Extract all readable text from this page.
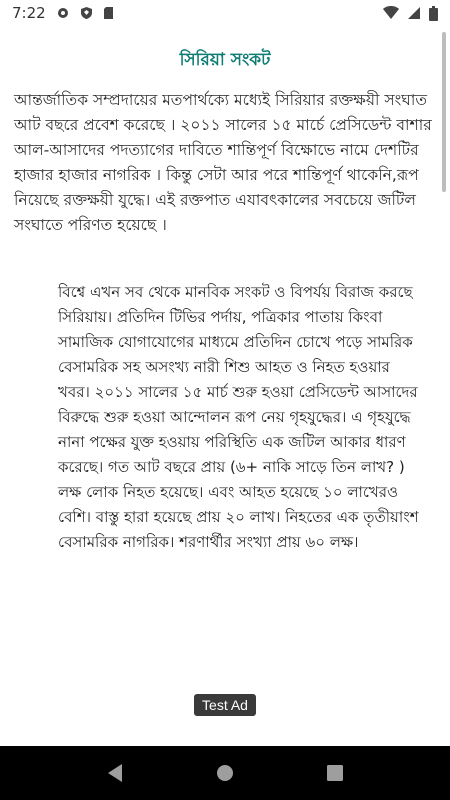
7:22
সিরিয়া সংকট
আন্তর্জাতিক সম্প্রদায়ের মতপার্থক্যে মধ্যেই সিরিয়ার রক্তক্ষয়ী সংঘাত আট বছরে প্রবেশ করেছে । ২০১১ সালের ১৫ মার্চে প্রেসিডেন্ট বাশার আল-আসাদের পদত্যাগের দাবিতে শান্তিপূর্ণ বিক্ষোভে নামে দেশটির হাজার হাজার নাগরিক । কিন্তু সেটা আর পরে শান্তিপূর্ণ থাকেনি,রূপ নিয়েছে রক্তক্ষয়ী যুদ্ধে। এই রক্তপাত এযাবৎকালের সবচেয়ে জটিল সংঘাতে পরিণত হয়েছে ।
বিশ্বে এখন সব থেকে মানবিক সংকট ও বিপর্যয় বিরাজ করছে সিরিয়ায়। প্রতিদিন টিভির পর্দায়, পত্রিকার পাতায় কিংবা সামাজিক যোগাযোগের মাধ্যমে প্রতিদিন চোখে পড়ে সামরিক বেসামরিক সহ অসংখ্য নারী শিশু আহত ও নিহত হওয়ার খবর। ২০১১ সালের ১৫ মার্চ শুরু হওয়া প্রেসিডেন্ট আসাদের বিরুদ্ধে শুরু হওয়া আন্দোলন রূপ নেয় গৃহযুদ্ধের। এ গৃহযুদ্ধে নানা পক্ষের যুক্ত হওয়ায় পরিস্থিতি এক জটিল আকার ধারণ করেছে। গত আট বছরে প্রায় (৬+ নাকি সাড়ে তিন লাখ? ) লক্ষ লোক নিহত হয়েছে। এবং আহত হয়েছে ১০ লাখেরও বেশি। বাস্তু হারা হয়েছে প্রায় ২০ লাখ। নিহতের এক তৃতীয়াংশ বেসামরিক নাগরিক। শরণার্থীর সংখ্যা প্রায় ৬০ লক্ষ।
Test Ad
